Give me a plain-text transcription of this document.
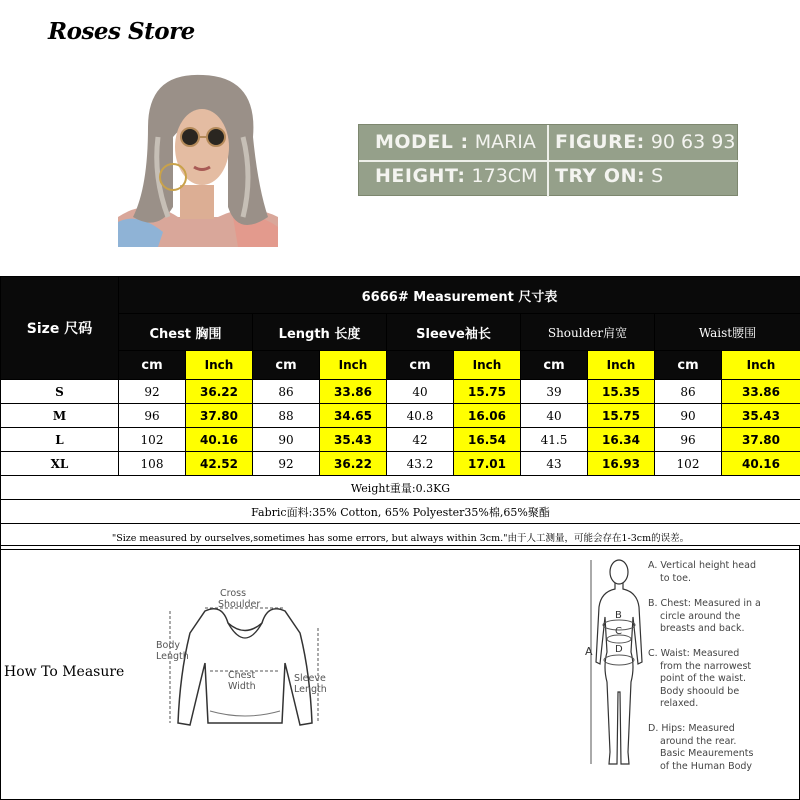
Roses Store
MODEL : MARIA
HEIGHT: 173CM
FIGURE: 90 63 93
TRY ON: S
Size 尺码	6666# Measurement 尺寸表									
	Chest 胸围		Length 长度		Sleeve袖长		Shoulder肩宽		Waist腰围	
	cm	Inch	cm	Inch	cm	Inch	cm	Inch	cm	Inch
S	92	36.22	86	33.86	40	15.75	39	15.35	86	33.86
M	96	37.80	88	34.65	40.8	16.06	40	15.75	90	35.43
L	102	40.16	90	35.43	42	16.54	41.5	16.34	96	37.80
XL	108	42.52	92	36.22	43.2	17.01	43	16.93	102	40.16
Weight重量:0.3KG										
Fabric面料:35% Cotton, 65% Polyester35%棉,65%聚酯										
"Size measured by ourselves,sometimes has some errors, but always within 3cm."由于人工测量，可能会存在1-3cm的误差。										
How To Measure
Cross
Shoulder
Body
Length
Chest
Width
Sleeve
Length
A
B
C
D
A. Vertical height head
to toe.
B. Chest: Measured in a
circle around the
breasts and back.
C. Waist: Measured
from the narrowest
point of the waist.
Body shoould be
relaxed.
D. Hips: Measured
around the rear.
Basic Meaurements
of the Human Body
